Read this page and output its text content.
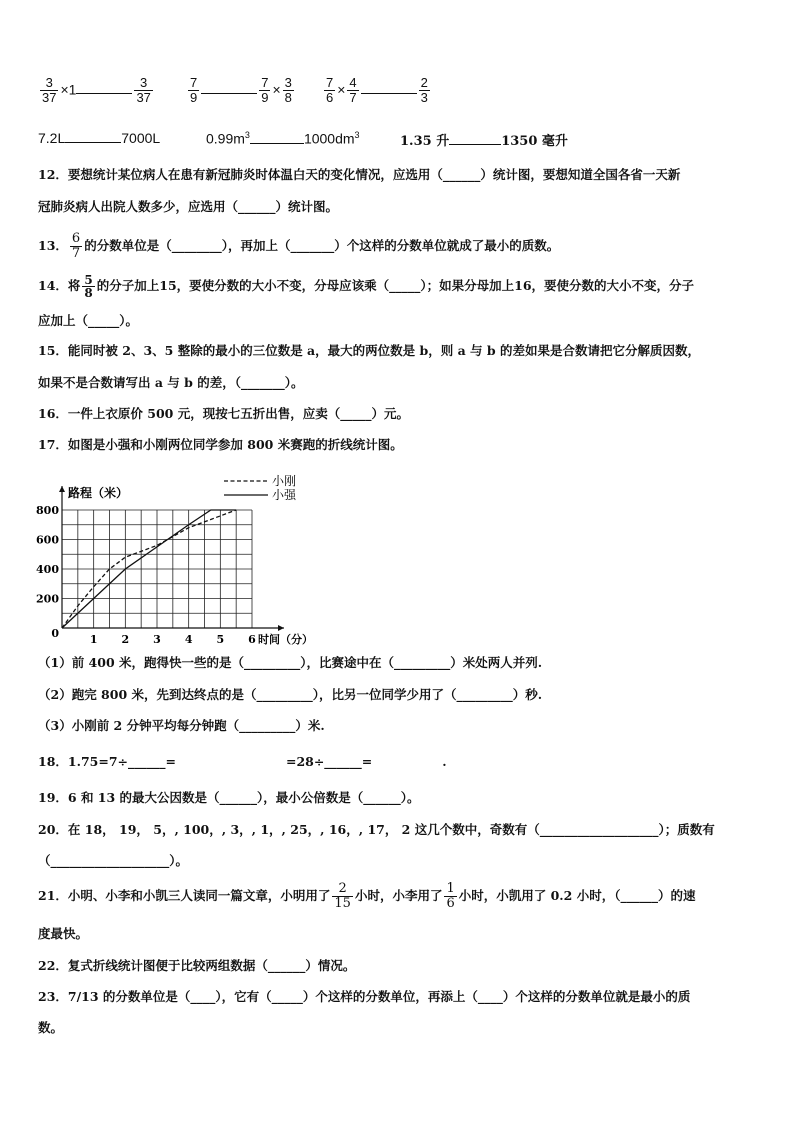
$\frac{3}{37} \times 1$	$\frac{3}{37}$	$\frac{7}{9}$	$\frac{7}{9} \times \frac{3}{8} \frac{7}{6} \times \frac{4}{7}$	$\frac{2}{3}$
7.2L	7000L	$0.99m^3$	$1000dm^3$	1.35 升	1350 毫升
12．要想统计某位病人在患有新冠肺炎时体温白天的变化情况，应选用（______）统计图，要想知道全国各省一天新
冠肺炎病人出院人数多少，应选用（______）统计图。
13． $\frac{6}{7}$ 的分数单位是（________），再加上（_______）个这样的分数单位就成了最小的质数。
14．将 $\frac{5}{8}$ 的分子加上15，要使分数的大小不变，分母应该乘（_____）；如果分母加上16，要使分数的大小不变，分子
应加上（_____）。
15．能同时被 2、3、5 整除的最小的三位数是 a，最大的两位数是 b，则 a 与 b 的差如果是合数请把它分解质因数，
如果不是合数请写出 a 与 b 的差，（_______）。
16．一件上衣原价 500 元，现按七五折出售，应卖（_____）元。
17．如图是小强和小刚两位同学参加 800 米赛跑的折线统计图。
路程（米）
0	1 2 3 4 5 6 时间（分）
200
400
600
800
小刚
小强
（1）前 400 米，跑得快一些的是（_________），比赛途中在（_________）米处两人并列.
（2）跑完 800 米，先到达终点的是（_________），比另一位同学少用了（_________）秒.
（3）小刚前 2 分钟平均每分钟跑（_________）米.
18．1.75=7÷______=	=28÷______=	.
19．6 和 13 的最大公因数是（______），最小公倍数是（______）。
20．在 18， 19， 5，, 100，, 3，, 1，, 25，, 16，, 17， 2 这几个数中，奇数有（___________________）；质数有
（___________________）。
21．小明、小李和小凯三人读同一篇文章，小明用了 $\frac{2}{15}$ 小时，小李用了 $\frac{1}{6}$ 小时，小凯用了 0.2 小时，（______）的速
度最快。
22．复式折线统计图便于比较两组数据（______）情况。
23．7/13 的分数单位是（____），它有（_____）个这样的分数单位，再添上（____）个这样的分数单位就是最小的质
数。
